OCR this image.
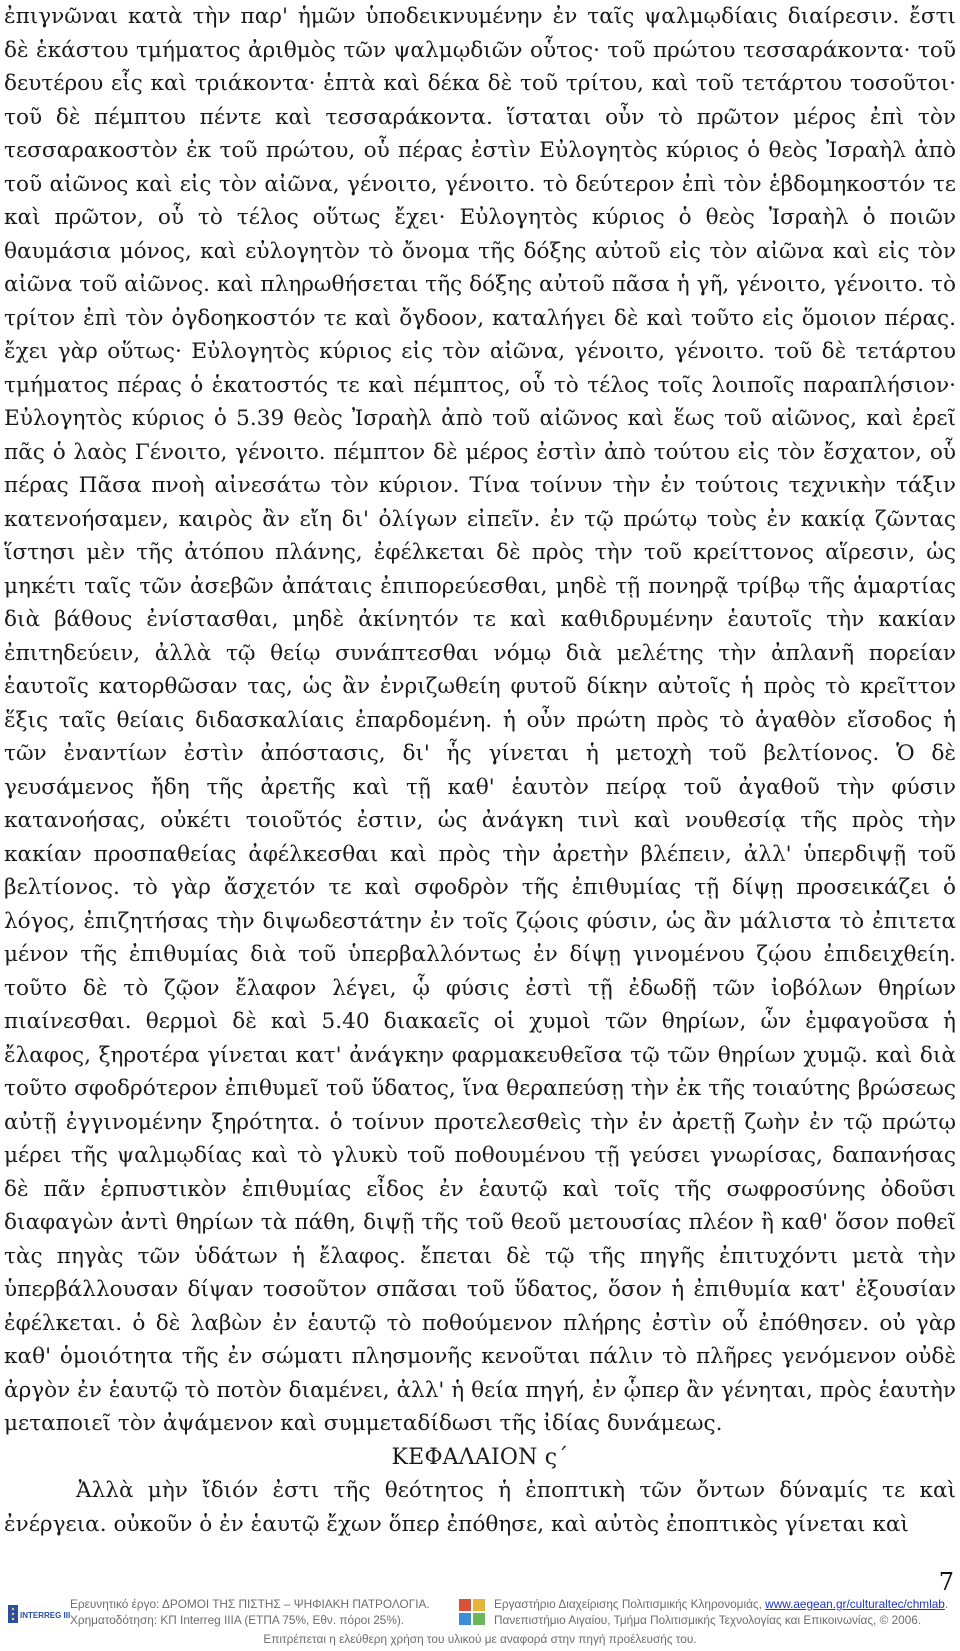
ἐπιγνῶναι κατὰ τὴν παρ' ἡμῶν ὑποδεικνυμένην ἐν ταῖς ψαλμῳδίαις διαίρεσιν. ἔστι δὲ ἑκάστου τμήματος ἀριθμὸς τῶν ψαλμῳδιῶν οὗτος· τοῦ πρώτου τεσσαράκοντα· τοῦ δευτέρου εἷς καὶ τριάκοντα· ἑπτὰ καὶ δέκα δὲ τοῦ τρίτου, καὶ τοῦ τετάρτου τοσοῦτοι· τοῦ δὲ πέμπτου πέντε καὶ τεσσαράκοντα. ἵσταται οὖν τὸ πρῶτον μέρος ἐπὶ τὸν τεσσαρακοστὸν ἐκ τοῦ πρώτου, οὗ πέρας ἐστὶν Εὐλογητὸς κύριος ὁ θεὸς Ἰσραὴλ ἀπὸ τοῦ αἰῶνος καὶ εἰς τὸν αἰῶνα, γένοιτο, γένοιτο. τὸ δεύτερον ἐπὶ τὸν ἑβδομηκοστόν τε καὶ πρῶτον, οὗ τὸ τέλος οὕτως ἔχει· Εὐλογητὸς κύριος ὁ θεὸς Ἰσραὴλ ὁ ποιῶν θαυμάσια μόνος, καὶ εὐλογητὸν τὸ ὄνομα τῆς δόξης αὐτοῦ εἰς τὸν αἰῶνα καὶ εἰς τὸν αἰῶνα τοῦ αἰῶνος. καὶ πληρωθήσεται τῆς δόξης αὐτοῦ πᾶσα ἡ γῆ, γένοιτο, γένοιτο. τὸ τρίτον ἐπὶ τὸν ὀγδοηκοστόν τε καὶ ὄγδοον, καταλήγει δὲ καὶ τοῦτο εἰς ὅμοιον πέρας. ἔχει γὰρ οὕτως· Εὐλογητὸς κύριος εἰς τὸν αἰῶνα, γένοιτο, γένοιτο. τοῦ δὲ τετάρτου τμήματος πέρας ὁ ἑκατοστός τε καὶ πέμπτος, οὗ τὸ τέλος τοῖς λοιποῖς παραπλήσιον· Εὐλογητὸς κύριος ὁ 5.39 θεὸς Ἰσραὴλ ἀπὸ τοῦ αἰῶνος καὶ ἕως τοῦ αἰῶνος, καὶ ἐρεῖ πᾶς ὁ λαὸς Γένοιτο, γένοιτο. πέμπτον δὲ μέρος ἐστὶν ἀπὸ τούτου εἰς τὸν ἔσχατον, οὗ πέρας Πᾶσα πνοὴ αἰνεσάτω τὸν κύριον. Τίνα τοίνυν τὴν ἐν τούτοις τεχνικὴν τάξιν κατενοήσαμεν, καιρὸς ἂν εἴη δι' ὀλίγων εἰπεῖν. ἐν τῷ πρώτῳ τοὺς ἐν κακίᾳ ζῶντας ἵστησι μὲν τῆς ἀτόπου πλάνης, ἐφέλκεται δὲ πρὸς τὴν τοῦ κρείττονος αἵρεσιν, ὡς μηκέτι ταῖς τῶν ἀσεβῶν ἀπάταις ἐπιπορεύεσθαι, μηδὲ τῇ πονηρᾷ τρίβῳ τῆς ἁμαρτίας διὰ βάθους ἐνίστασθαι, μηδὲ ἀκίνητόν τε καὶ καθιδρυμένην ἑαυτοῖς τὴν κακίαν ἐπιτηδεύειν, ἀλλὰ τῷ θείῳ συνάπτεσθαι νόμῳ διὰ μελέτης τὴν ἀπλανῆ πορείαν ἑαυτοῖς κατορθῶσαν τας, ὡς ἂν ἐνριζωθείη φυτοῦ δίκην αὐτοῖς ἡ πρὸς τὸ κρεῖττον ἕξις ταῖς θείαις διδασκαλίαις ἐπαρδομένη. ἡ οὖν πρώτη πρὸς τὸ ἀγαθὸν εἴσοδος ἡ τῶν ἐναντίων ἐστὶν ἀπόστασις, δι' ἧς γίνεται ἡ μετοχὴ τοῦ βελτίονος. Ὁ δὲ γευσάμενος ἤδη τῆς ἀρετῆς καὶ τῇ καθ' ἑαυτὸν πείρᾳ τοῦ ἀγαθοῦ τὴν φύσιν κατανοήσας, οὐκέτι τοιοῦτός ἐστιν, ὡς ἀνάγκη τινὶ καὶ νουθεσίᾳ τῆς πρὸς τὴν κακίαν προσπαθείας ἀφέλκεσθαι καὶ πρὸς τὴν ἀρετὴν βλέπειν, ἀλλ' ὑπερδιψῇ τοῦ βελτίονος. τὸ γὰρ ἄσχετόν τε καὶ σφοδρὸν τῆς ἐπιθυμίας τῇ δίψῃ προσεικάζει ὁ λόγος, ἐπιζητήσας τὴν διψωδεστάτην ἐν τοῖς ζῴοις φύσιν, ὡς ἂν μάλιστα τὸ ἐπιτετα μένον τῆς ἐπιθυμίας διὰ τοῦ ὑπερβαλλόντως ἐν δίψῃ γινομένου ζῴου ἐπιδειχθείη. τοῦτο δὲ τὸ ζῷον ἔλαφον λέγει, ᾧ φύσις ἐστὶ τῇ ἐδωδῇ τῶν ἰοβόλων θηρίων πιαίνεσθαι. θερμοὶ δὲ καὶ 5.40 διακαεῖς οἱ χυμοὶ τῶν θηρίων, ὧν ἐμφαγοῦσα ἡ ἔλαφος, ξηροτέρα γίνεται κατ' ἀνάγκην φαρμακευθεῖσα τῷ τῶν θηρίων χυμῷ. καὶ διὰ τοῦτο σφοδρότερον ἐπιθυμεῖ τοῦ ὕδατος, ἵνα θεραπεύσῃ τὴν ἐκ τῆς τοιαύτης βρώσεως αὐτῇ ἐγγινομένην ξηρότητα. ὁ τοίνυν προτελεσθεὶς τὴν ἐν ἀρετῇ ζωὴν ἐν τῷ πρώτῳ μέρει τῆς ψαλμῳδίας καὶ τὸ γλυκὺ τοῦ ποθουμένου τῇ γεύσει γνωρίσας, δαπανήσας δὲ πᾶν ἑρπυστικὸν ἐπιθυμίας εἶδος ἐν ἑαυτῷ καὶ τοῖς τῆς σωφροσύνης ὀδοῦσι διαφαγὼν ἀντὶ θηρίων τὰ πάθη, διψῇ τῆς τοῦ θεοῦ μετουσίας πλέον ἢ καθ' ὅσον ποθεῖ τὰς πηγὰς τῶν ὑδάτων ἡ ἔλαφος. ἔπεται δὲ τῷ τῆς πηγῆς ἐπιτυχόντι μετὰ τὴν ὑπερβάλλουσαν δίψαν τοσοῦτον σπᾶσαι τοῦ ὕδατος, ὅσον ἡ ἐπιθυμία κατ' ἐξουσίαν ἐφέλκεται. ὁ δὲ λαβὼν ἐν ἑαυτῷ τὸ ποθούμενον πλήρης ἐστὶν οὗ ἐπόθησεν. οὐ γὰρ καθ' ὁμοιότητα τῆς ἐν σώματι πλησμονῆς κενοῦται πάλιν τὸ πλῆρες γενόμενον οὐδὲ ἀργὸν ἐν ἑαυτῷ τὸ ποτὸν διαμένει, ἀλλ' ἡ θεία πηγή, ἐν ᾧπερ ἂν γένηται, πρὸς ἑαυτὴν μεταποιεῖ τὸν ἀψάμενον καὶ συμμεταδίδωσι τῆς ἰδίας δυνάμεως.

ΚΕΦΑΛΑΙΟΝ ς΄

Ἀλλὰ μὴν ἴδιόν ἐστι τῆς θεότητος ἡ ἐποπτικὴ τῶν ὄντων δύναμίς τε καὶ ἐνέργεια. οὐκοῦν ὁ ἐν ἑαυτῷ ἔχων ὅπερ ἐπόθησε, καὶ αὐτὸς ἐποπτικὸς γίνεται καὶ

7
INTERREG III
Ερευνητικό έργο: ΔΡΟΜΟΙ ΤΗΣ ΠΙΣΤΗΣ – ΨΗΦΙΑΚΗ ΠΑΤΡΟΛΟΓΙΑ.
Χρηματοδότηση: ΚΠ Interreg IIIA (ΕΤΠΑ 75%, Εθν. πόροι 25%).
Εργαστήριο Διαχείρισης Πολιτισμικής Κληρονομιάς, www.aegean.gr/culturaltec/chmlab.
Πανεπιστήμιο Αιγαίου, Τμήμα Πολιτισμικής Τεχνολογίας και Επικοινωνίας, © 2006.
Επιτρέπεται η ελεύθερη χρήση του υλικού με αναφορά στην πηγή προέλευσής του.
